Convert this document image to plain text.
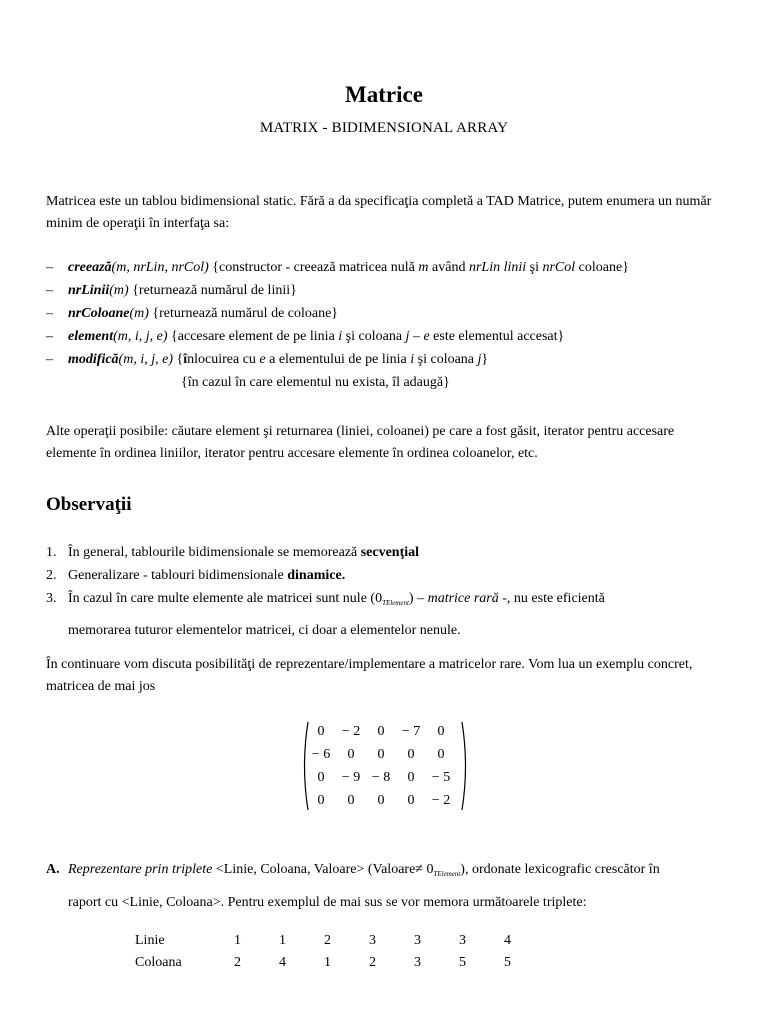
Matrice
MATRIX - BIDIMENSIONAL ARRAY
Matricea este un tablou bidimensional static. Fără a da specificaţia completă a TAD Matrice, putem enumera un număr minim de operaţii în interfaţa sa:
– creează(m, nrLin, nrCol) {constructor - creează matricea nulă m având nrLin linii şi nrCol coloane}
– nrLinii(m) {returnează numărul de linii}
– nrColoane(m) {returnează numărul de coloane}
– element(m, i, j, e) {accesare element de pe linia i şi coloana j – e este elementul accesat}
– modifică(m, i, j, e) {înlocuirea cu e a elementului de pe linia i şi coloana j}
{în cazul în care elementul nu exista, îl adaugă}
Alte operaţii posibile: căutare element şi returnarea (liniei, coloanei) pe care a fost găsit, iterator pentru accesare elemente în ordinea liniilor, iterator pentru accesare elemente în ordinea coloanelor, etc.
Observaţii
1. În general, tablourile bidimensionale se memorează secvenţial
2. Generalizare - tablouri bidimensionale dinamice.
3. În cazul în care multe elemente ale matricei sunt nule $(0_{TElement})$ – matrice rară -, nu este eficientă
memorarea tuturor elementelor matricei, ci doar a elementelor nenule.
În continuare vom discuta posibilităţi de reprezentare/implementare a matricelor rare. Vom lua un exemplu concret, matricea de mai jos
0	− 2	0	− 7	0
− 6	0	0	0	0
0	− 9	− 8	0	− 5
0	0	0	0	− 2
A. Reprezentare prin triplete <Linie, Coloana, Valoare> (Valoare≠ $0_{TElement}$), ordonate lexicografic crescător în
raport cu <Linie, Coloana>. Pentru exemplul de mai sus se vor memora următoarele triplete:
Linie	1	1	2	3	3	3	4
Coloana	2	4	1	2	3	5	5
